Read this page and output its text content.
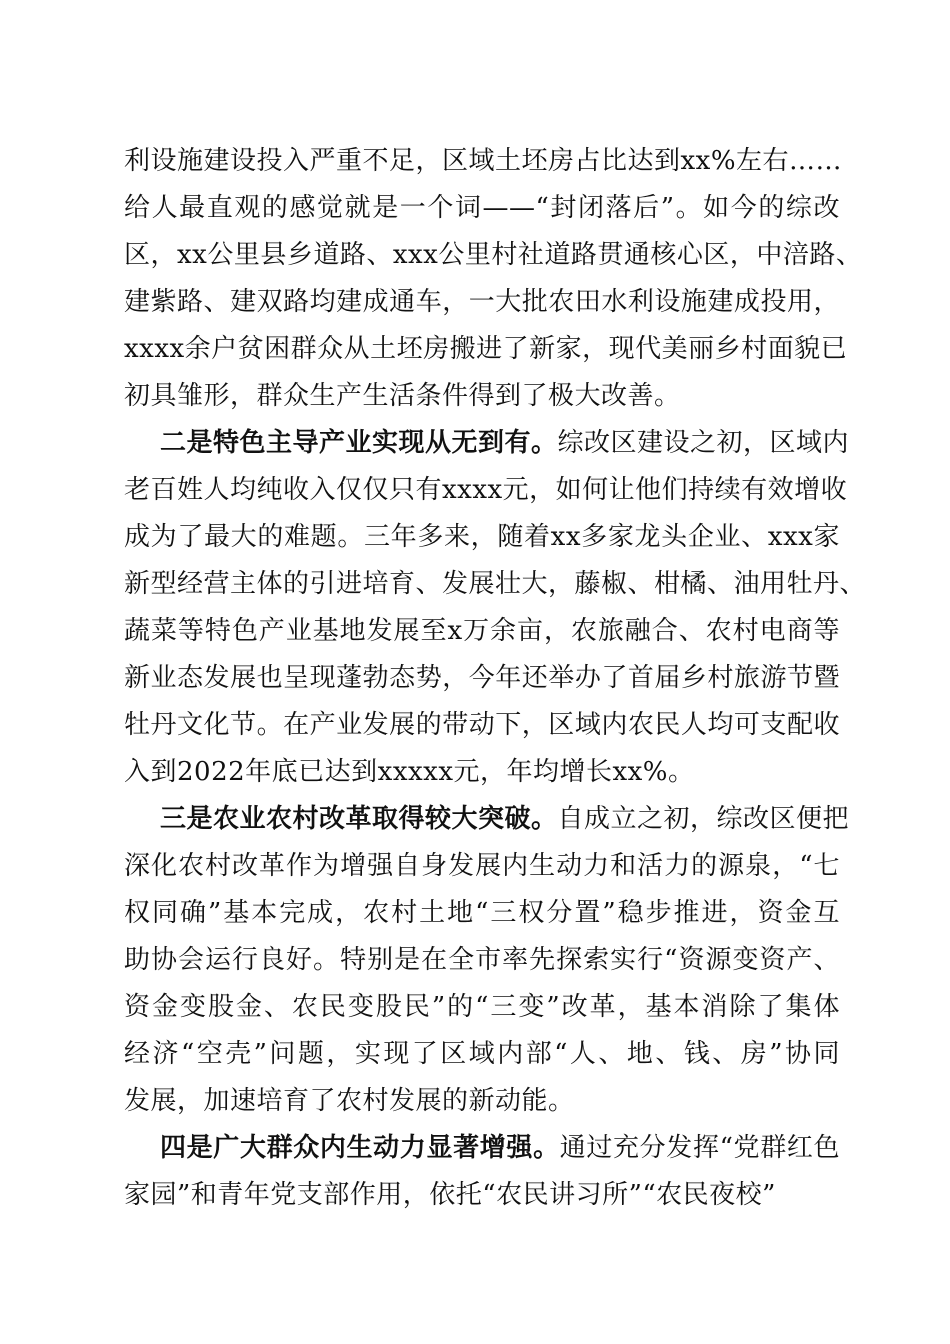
利设施建设投入严重不足，区域土坯房占比达到xx%左右……
给人最直观的感觉就是一个词——“封闭落后”。如今的综改
区，xx公里县乡道路、xxx公里村社道路贯通核心区，中涪路、
建紫路、建双路均建成通车，一大批农田水利设施建成投用，
xxxx余户贫困群众从土坯房搬进了新家，现代美丽乡村面貌已
初具雏形，群众生产生活条件得到了极大改善。
二是特色主导产业实现从无到有。综改区建设之初，区域内
老百姓人均纯收入仅仅只有xxxx元，如何让他们持续有效增收
成为了最大的难题。三年多来，随着xx多家龙头企业、xxx家
新型经营主体的引进培育、发展壮大，藤椒、柑橘、油用牡丹、
蔬菜等特色产业基地发展至x万余亩，农旅融合、农村电商等
新业态发展也呈现蓬勃态势，今年还举办了首届乡村旅游节暨
牡丹文化节。在产业发展的带动下，区域内农民人均可支配收
入到2022年底已达到xxxxx元，年均增长xx%。
三是农业农村改革取得较大突破。自成立之初，综改区便把
深化农村改革作为增强自身发展内生动力和活力的源泉，“七
权同确”基本完成，农村土地“三权分置”稳步推进，资金互
助协会运行良好。特别是在全市率先探索实行“资源变资产、
资金变股金、农民变股民”的“三变”改革，基本消除了集体
经济“空壳”问题，实现了区域内部“人、地、钱、房”协同
发展，加速培育了农村发展的新动能。
四是广大群众内生动力显著增强。通过充分发挥“党群红色
家园”和青年党支部作用，依托“农民讲习所”“农民夜校”
